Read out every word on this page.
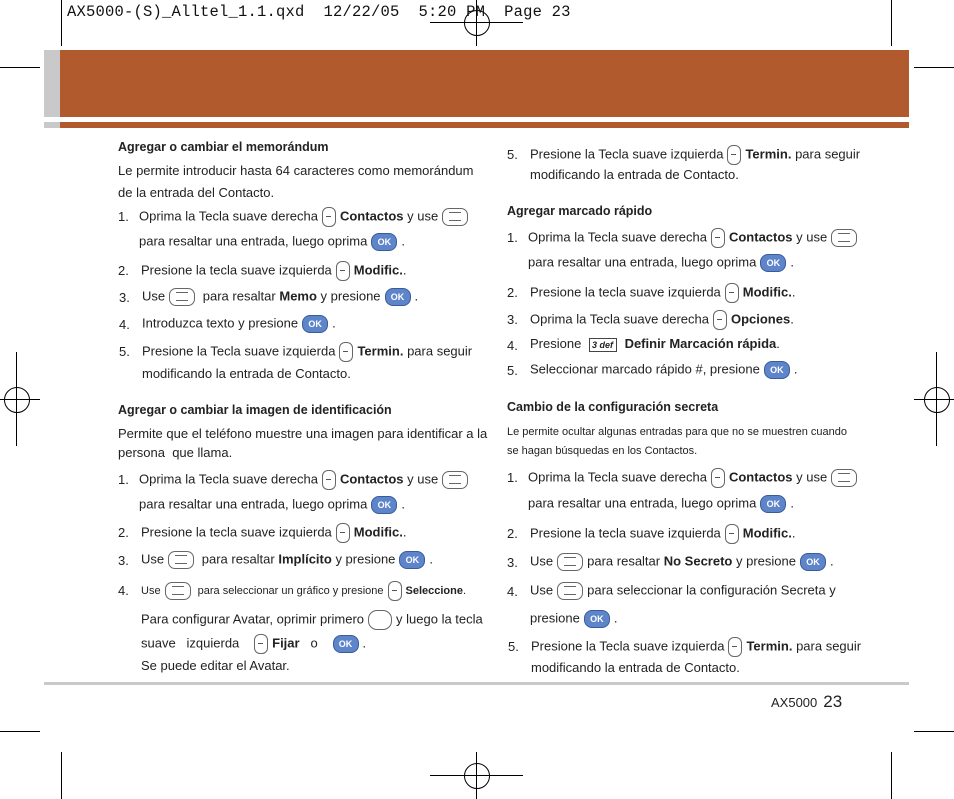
AX5000-(S)_Alltel_1.1.qxd  12/22/05  5:20 PM  Page 23
Agregar o cambiar el memorándum
Le permite introducir hasta 64 caracteres como memorándum
de la entrada del Contacto.
1. Oprima la Tecla suave derecha Contactos y use
para resaltar una entrada, luego oprima OK .
2. Presione la tecla suave izquierda Modific..
3. Use	para resaltar Memo y presione OK .
4. Introduzca texto y presione OK .
5. Presione la Tecla suave izquierda Termin. para seguir
modificando la entrada de Contacto.
Agregar o cambiar la imagen de identificación
Permite que el teléfono muestre una imagen para identificar a la
persona  que llama.
1. Oprima la Tecla suave derecha Contactos y use
para resaltar una entrada, luego oprima OK .
2. Presione la tecla suave izquierda Modific..
3. Use	para resaltar Implícito y presione OK .
4. Use	para seleccionar un gráfico y presione Seleccione.
Para configurar Avatar, oprimir primero y luego la tecla
suave   izquierda	Fijar o OK .
Se puede editar el Avatar.
5. Presione la Tecla suave izquierda Termin. para seguir
modificando la entrada de Contacto.
Agregar marcado rápido
1. Oprima la Tecla suave derecha Contactos y use
para resaltar una entrada, luego oprima OK .
2. Presione la tecla suave izquierda Modific..
3. Oprima la Tecla suave derecha Opciones.
4. Presione 3 def Definir Marcación rápida.
5. Seleccionar marcado rápido #, presione OK .
Cambio de la configuración secreta
Le permite ocultar algunas entradas para que no se muestren cuando
se hagan búsquedas en los Contactos.
1. Oprima la Tecla suave derecha Contactos y use
para resaltar una entrada, luego oprima OK .
2. Presione la tecla suave izquierda Modific..
3. Use	para resaltar No Secreto y presione OK .
4. Use	para seleccionar la configuración Secreta y
presione OK .
5. Presione la Tecla suave izquierda Termin. para seguir
modificando la entrada de Contacto.
AX5000 23
